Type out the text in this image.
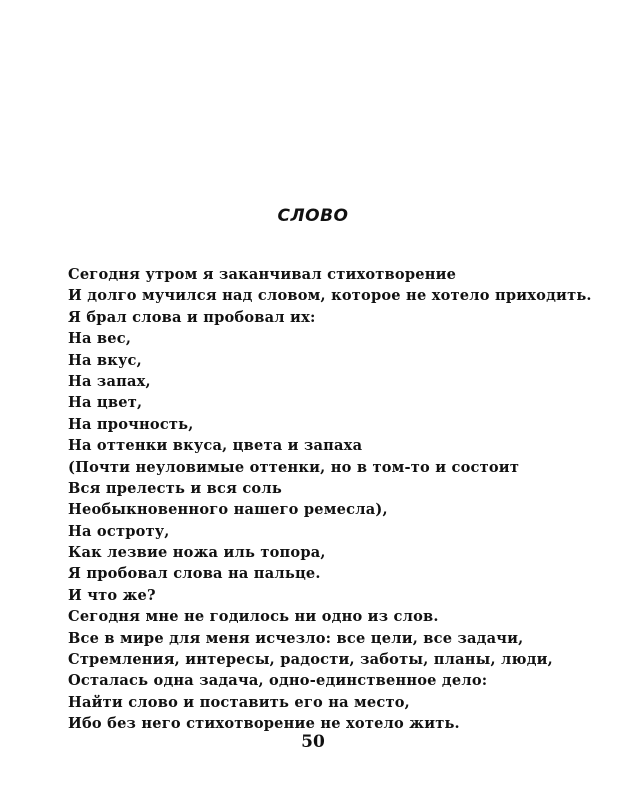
СЛОВО
Сегодня утром я заканчивал стихотворение
И долго мучился над словом, которое не хотело приходить.
Я брал слова и пробовал их:
На вес,
На вкус,
На запах,
На цвет,
На прочность,
На оттенки вкуса, цвета и запаха
(Почти неуловимые оттенки, но в том-то и состоит
Вся прелесть и вся соль
Необыкновенного нашего ремесла),
На остроту,
Как лезвие ножа иль топора,
Я пробовал слова на пальце.
И что же?
Сегодня мне не годилось ни одно из слов.
Все в мире для меня исчезло: все цели, все задачи,
Стремления, интересы, радости, заботы, планы, люди,
Осталась одна задача, одно-единственное дело:
Найти слово и поставить его на место,
Ибо без него стихотворение не хотело жить.
50
